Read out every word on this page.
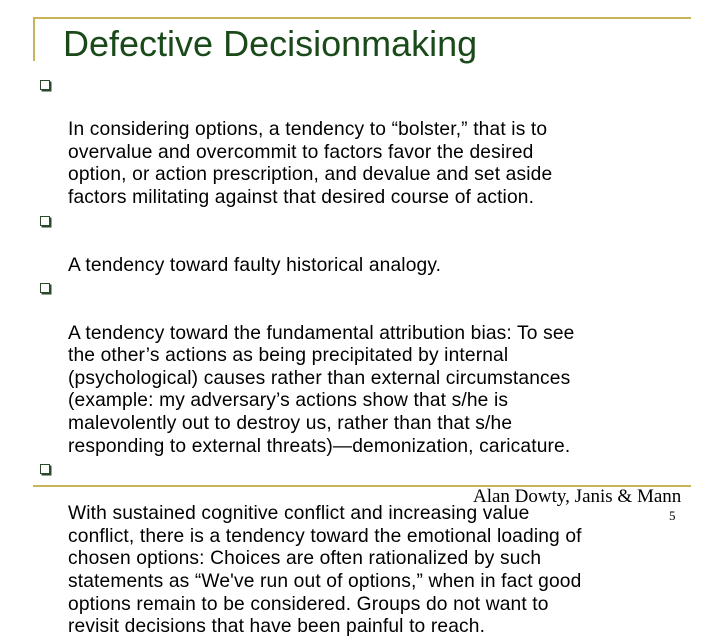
Defective Decisionmaking

In considering options, a tendency to “bolster,” that is to
overvalue and overcommit to factors favor the desired
option, or action prescription, and devalue and set aside
factors militating against that desired course of action.

A tendency toward faulty historical analogy.

A tendency toward the fundamental attribution bias: To see
the other’s actions as being precipitated by internal
(psychological) causes rather than external circumstances
(example: my adversary’s actions show that s/he is
malevolently out to destroy us, rather than that s/he
responding to external threats)—demonization, caricature.

With sustained cognitive conflict and increasing value
conflict, there is a tendency toward the emotional loading of
chosen options: Choices are often rationalized by such
statements as “We've run out of options,” when in fact good
options remain to be considered. Groups do not want to
revisit decisions that have been painful to reach.

Alan Dowty, Janis & Mann
5
